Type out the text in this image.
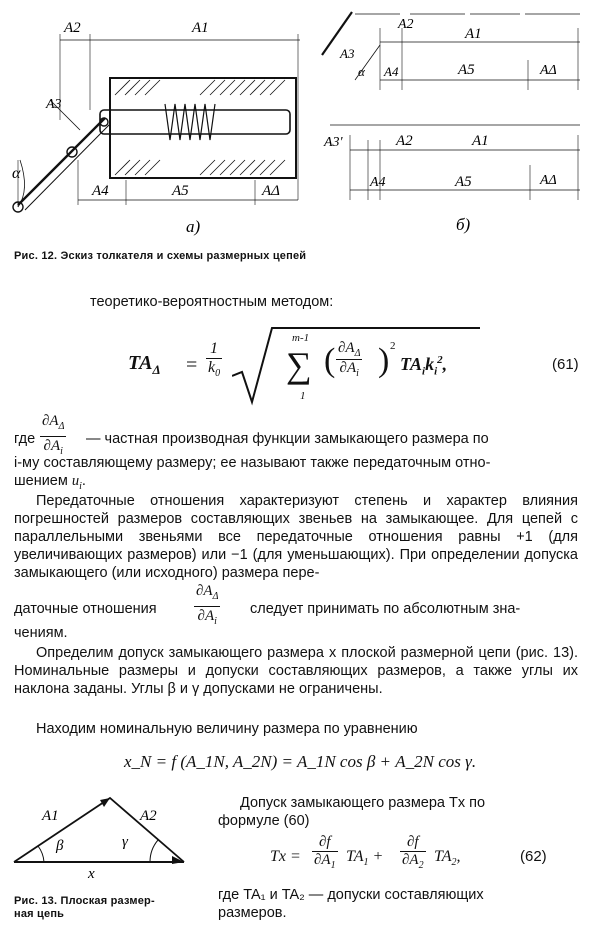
A2	A1
A3
α
A4	A5	AΔ
а)
A2
A1
A3
α A4	A5	AΔ
A3'	A2	A1
A4	A5	AΔ
б)
Рис. 12. Эскиз толкателя и схемы размерных цепей
теоретико-вероятностным методом:
$TA_\Delta = \frac{1}{k_0}$
m-1
∑
1
( $\frac{\partial A_\Delta}{\partial A_i}$ ) 2
$TA_ik_i^2$,	(61)
где $\frac{\partial A_\Delta}{\partial A_i}$ — частная производная функции замыкающего размера по
i-му составляющему размеру; ее называют также передаточным отно-
шением $u_i$.
Передаточные отношения характеризуют степень и характер влияния погрешностей размеров составляющих звеньев на замыкающее. Для цепей с параллельными звеньями все передаточные отношения равны +1 (для увеличивающих размеров) или −1 (для уменьшающих). При определении допуска замыкающего (или исходного) размера пере-
даточные отношения $\frac{\partial A_\Delta}{\partial A_i}$ следует принимать по абсолютным зна-
чениям.
Определим допуск замыкающего размера x плоской размерной цепи (рис. 13). Номинальные размеры и допуски составляющих размеров, а также углы их наклона заданы. Углы β и γ допусками не ограничены.
Находим номинальную величину размера по уравнению
x_N = f (A_1N, A_2N) = A_1N cos β + A_2N cos γ.
A1	A2
β	γ
x
Рис. 13. Плоская размер-
ная цепь
Допуск замыкающего размера Tx по
формуле (60)
$Tx = \frac{\partial f}{\partial A_1} TA_1 + \frac{\partial f}{\partial A_2} TA_2$,	(62)
где TA₁ и TA₂ — допуски составляющих
размеров.
